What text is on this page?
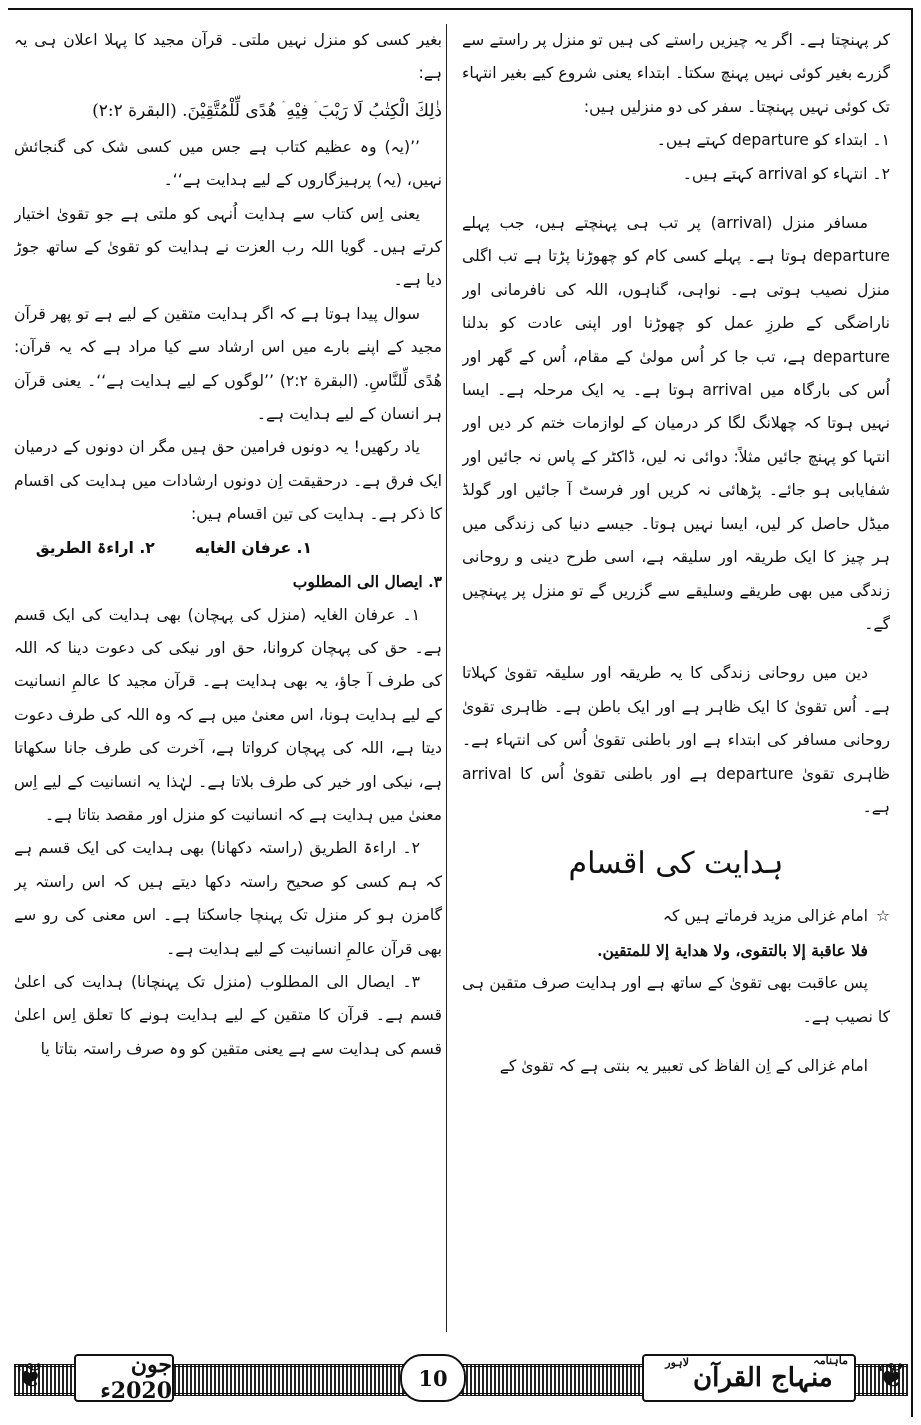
کر پہنچتا ہے۔ اگر یہ چیزیں راستے کی ہیں تو منزل پر راستے سے گزرے بغیر کوئی نہیں پہنچ سکتا۔ ابتداء یعنی شروع کیے بغیر انتہاء تک کوئی نہیں پہنچتا۔ سفر کی دو منزلیں ہیں:

۱۔ ابتداء کو departure کہتے ہیں۔

۲۔ انتہاء کو arrival کہتے ہیں۔

مسافر منزل (arrival) پر تب ہی پہنچتے ہیں، جب پہلے departure ہوتا ہے۔ پہلے کسی کام کو چھوڑنا پڑتا ہے تب اگلی منزل نصیب ہوتی ہے۔ نواہی، گناہوں، اللہ کی نافرمانی اور ناراضگی کے طرزِ عمل کو چھوڑنا اور اپنی عادت کو بدلنا departure ہے، تب جا کر اُس مولیٰ کے مقام، اُس کے گھر اور اُس کی بارگاہ میں arrival ہوتا ہے۔ یہ ایک مرحلہ ہے۔ ایسا نہیں ہوتا کہ چھلانگ لگا کر درمیان کے لوازمات ختم کر دیں اور انتہا کو پہنچ جائیں مثلاً: دوائی نہ لیں، ڈاکٹر کے پاس نہ جائیں اور شفایابی ہو جائے۔ پڑھائی نہ کریں اور فرسٹ آ جائیں اور گولڈ میڈل حاصل کر لیں، ایسا نہیں ہوتا۔ جیسے دنیا کی زندگی میں ہر چیز کا ایک طریقہ اور سلیقہ ہے، اسی طرح دینی و روحانی زندگی میں بھی طریقے وسلیقے سے گزریں گے تو منزل پر پہنچیں گے۔

دین میں روحانی زندگی کا یہ طریقہ اور سلیقہ تقویٰ کہلاتا ہے۔ اُس تقویٰ کا ایک ظاہر ہے اور ایک باطن ہے۔ ظاہری تقویٰ روحانی مسافر کی ابتداء ہے اور باطنی تقویٰ اُس کی انتہاء ہے۔ ظاہری تقویٰ departure ہے اور باطنی تقویٰ اُس کا arrival ہے۔

ہدایت کی اقسام

☆امام غزالی مزید فرماتے ہیں کہ

فلا عاقبة إلا بالتقوى، ولا هداية إلا للمتقين.

پس عاقبت بھی تقویٰ کے ساتھ ہے اور ہدایت صرف متقین ہی کا نصیب ہے۔

امام غزالی کے اِن الفاظ کی تعبیر یہ بنتی ہے کہ تقویٰ کے

بغیر کسی کو منزل نہیں ملتی۔ قرآن مجید کا پہلا اعلان ہی یہ ہے:

ذٰلِكَ الْكِتٰبُ لَا رَيْبَ ۛ فِيْهِ ۛ هُدًى لِّلْمُتَّقِيْنَ. (البقرة ۲:۲)

’’(یہ) وہ عظیم کتاب ہے جس میں کسی شک کی گنجائش نہیں، (یہ) پرہیزگاروں کے لیے ہدایت ہے‘‘۔

یعنی اِس کتاب سے ہدایت اُنہی کو ملتی ہے جو تقویٰ اختیار کرتے ہیں۔ گویا اللہ رب العزت نے ہدایت کو تقویٰ کے ساتھ جوڑ دیا ہے۔

سوال پیدا ہوتا ہے کہ اگر ہدایت متقین کے لیے ہے تو پھر قرآن مجید کے اپنے بارے میں اس ارشاد سے کیا مراد ہے کہ یہ قرآن: هُدًى لِّلنَّاسِ. (البقرة ۲:۲) ’’لوگوں کے لیے ہدایت ہے‘‘۔ یعنی قرآن ہر انسان کے لیے ہدایت ہے۔

یاد رکھیں! یہ دونوں فرامین حق ہیں مگر ان دونوں کے درمیان ایک فرق ہے۔ درحقیقت اِن دونوں ارشادات میں ہدایت کی اقسام کا ذکر ہے۔ ہدایت کی تین اقسام ہیں:

۱. عرفان الغايه
۲. اراءۃ الطريق

۳. ايصال الى المطلوب

۱۔ عرفان الغایہ (منزل کی پہچان) بھی ہدایت کی ایک قسم ہے۔ حق کی پہچان کروانا، حق اور نیکی کی دعوت دینا کہ اللہ کی طرف آ جاؤ، یہ بھی ہدایت ہے۔ قرآن مجید کا عالمِ انسانیت کے لیے ہدایت ہونا، اس معنیٰ میں ہے کہ وہ اللہ کی طرف دعوت دیتا ہے، اللہ کی پہچان کرواتا ہے، آخرت کی طرف جانا سکھاتا ہے، نیکی اور خیر کی طرف بلاتا ہے۔ لہٰذا یہ انسانیت کے لیے اِس معنیٰ میں ہدایت ہے کہ انسانیت کو منزل اور مقصد بتاتا ہے۔

۲۔ اراءۃ الطریق (راستہ دکھانا) بھی ہدایت کی ایک قسم ہے کہ ہم کسی کو صحیح راستہ دکھا دیتے ہیں کہ اس راستہ پر گامزن ہو کر منزل تک پہنچا جاسکتا ہے۔ اس معنی کی رو سے بھی قرآن عالمِ انسانیت کے لیے ہدایت ہے۔

۳۔ ایصال الی المطلوب (منزل تک پہنچانا) ہدایت کی اعلیٰ قسم ہے۔ قرآن کا متقین کے لیے ہدایت ہونے کا تعلق اِس اعلیٰ قسم کی ہدایت سے ہے یعنی متقین کو وہ صرف راستہ بتاتا یا

❦	❦
جون 2020ء	10
ماہنامہ
منہاج القرآن
لاہور
